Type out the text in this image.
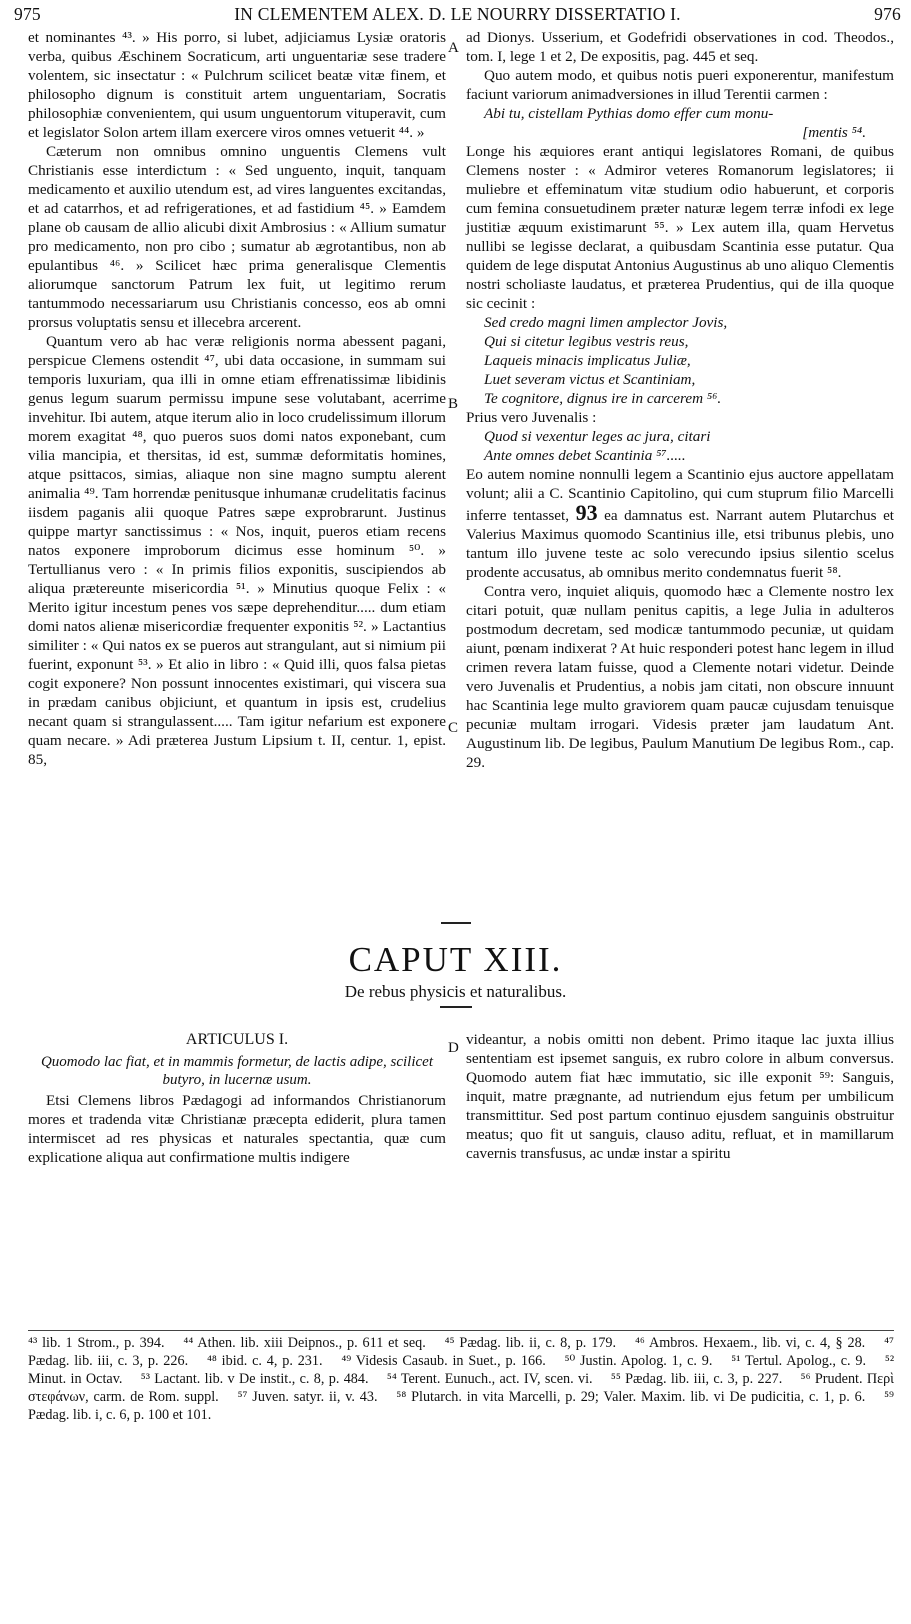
975	IN CLEMENTEM ALEX. D. LE NOURRY DISSERTATIO I.	976
A
B
C
D

et nominantes ⁴³. » His porro, si lubet, adjiciamus Lysiæ oratoris verba, quibus Æschinem Socraticum, arti unguentariæ sese tradere volentem, sic insectatur : « Pulchrum scilicet beatæ vitæ finem, et philosopho dignum is constituit artem unguentariam, Socratis philosophiæ convenientem, qui usum unguentorum vituperavit, cum et legislator Solon artem illam exercere viros omnes vetuerit ⁴⁴. »

Cæterum non omnibus omnino unguentis Clemens vult Christianis esse interdictum : « Sed unguento, inquit, tanquam medicamento et auxilio utendum est, ad vires languentes excitandas, et ad catarrhos, et ad refrigerationes, et ad fastidium ⁴⁵. » Eamdem plane ob causam de allio alicubi dixit Ambrosius : « Allium sumatur pro medicamento, non pro cibo ; sumatur ab ægrotantibus, non ab epulantibus ⁴⁶. » Scilicet hæc prima generalisque Clementis aliorumque sanctorum Patrum lex fuit, ut legitimo rerum tantummodo necessariarum usu Christianis concesso, eos ab omni prorsus voluptatis sensu et illecebra arcerent.

Quantum vero ab hac veræ religionis norma abessent pagani, perspicue Clemens ostendit ⁴⁷, ubi data occasione, in summam sui temporis luxuriam, qua illi in omne etiam effrenatissimæ libidinis genus legum suarum permissu impune sese volutabant, acerrime invehitur. Ibi autem, atque iterum alio in loco crudelissimum illorum morem exagitat ⁴⁸, quo pueros suos domi natos exponebant, cum vilia mancipia, et thersitas, id est, summæ deformitatis homines, atque psittacos, simias, aliaque non sine magno sumptu alerent animalia ⁴⁹. Tam horrendæ penitusque inhumanæ crudelitatis facinus iisdem paganis alii quoque Patres sæpe exprobrarunt. Justinus quippe martyr sanctissimus : « Nos, inquit, pueros etiam recens natos exponere improborum dicimus esse hominum ⁵⁰. » Tertullianus vero : « In primis filios exponitis, suscipiendos ab aliqua prætereunte misericordia ⁵¹. » Minutius quoque Felix : « Merito igitur incestum penes vos sæpe deprehenditur..... dum etiam domi natos alienæ misericordiæ frequenter exponitis ⁵². » Lactantius similiter : « Qui natos ex se pueros aut strangulant, aut si nimium pii fuerint, exponunt ⁵³. » Et alio in libro : « Quid illi, quos falsa pietas cogit exponere? Non possunt innocentes existimari, qui viscera sua in prædam canibus objiciunt, et quantum in ipsis est, crudelius necant quam si strangulassent..... Tam igitur nefarium est exponere quam necare. » Adi præterea Justum Lipsium t. II, centur. 1, epist. 85,

ad Dionys. Usserium, et Godefridi observationes in cod. Theodos., tom. I, lege 1 et 2, De expositis, pag. 445 et seq.

Quo autem modo, et quibus notis pueri exponerentur, manifestum faciunt variorum animadversiones in illud Terentii carmen :

Abi tu, cistellam Pythias domo effer cum monu-
[mentis ⁵⁴.

Longe his æquiores erant antiqui legislatores Romani, de quibus Clemens noster : « Admiror veteres Romanorum legislatores; ii muliebre et effeminatum vitæ studium odio habuerunt, et corporis cum femina consuetudinem præter naturæ legem terræ infodi ex lege justitiæ æquum existimarunt ⁵⁵. » Lex autem illa, quam Hervetus nullibi se legisse declarat, a quibusdam Scantinia esse putatur. Qua quidem de lege disputat Antonius Augustinus ab uno aliquo Clementis nostri scholiaste laudatus, et præterea Prudentius, qui de illa quoque sic cecinit :

Sed credo magni limen amplector Jovis,
Qui si citetur legibus vestris reus,
Laqueis minacis implicatus Juliæ,
Luet severam victus et Scantiniam,
Te cognitore, dignus ire in carcerem ⁵⁶.

Prius vero Juvenalis :

Quod si vexentur leges ac jura, citari
Ante omnes debet Scantinia ⁵⁷.....

Eo autem nomine nonnulli legem a Scantinio ejus auctore appellatam volunt; alii a C. Scantinio Capitolino, qui cum stuprum filio Marcelli inferre tentasset, 93 ea damnatus est. Narrant autem Plutarchus et Valerius Maximus quomodo Scantinius ille, etsi tribunus plebis, uno tantum illo juvene teste ac solo verecundo ipsius silentio scelus prodente accusatus, ab omnibus merito condemnatus fuerit ⁵⁸.

Contra vero, inquiet aliquis, quomodo hæc a Clemente nostro lex citari potuit, quæ nullam penitus capitis, a lege Julia in adulteros postmodum decretam, sed modicæ tantummodo pecuniæ, ut quidam aiunt, pœnam indixerat ? At huic responderi potest hanc legem in illud crimen revera latam fuisse, quod a Clemente notari videtur. Deinde vero Juvenalis et Prudentius, a nobis jam citati, non obscure innuunt hac Scantinia lege multo graviorem quam paucæ cujusdam tenuisque pecuniæ multam irrogari. Videsis præter jam laudatum Ant. Augustinum lib. De legibus, Paulum Manutium De legibus Rom., cap. 29.

CAPUT XIII.
De rebus physicis et naturalibus.
ARTICULUS I.
Quomodo lac fiat, et in mammis formetur, de lactis adipe, scilicet butyro, in lucernæ usum.

Etsi Clemens libros Pædagogi ad informandos Christianorum mores et tradenda vitæ Christianæ præcepta ediderit, plura tamen intermiscet ad res physicas et naturales spectantia, quæ cum explicatione aliqua aut confirmatione multis indigere

videantur, a nobis omitti non debent. Primo itaque lac juxta illius sententiam est ipsemet sanguis, ex rubro colore in album conversus. Quomodo autem fiat hæc immutatio, sic ille exponit ⁵⁹: Sanguis, inquit, matre prægnante, ad nutriendum ejus fetum per umbilicum transmittitur. Sed post partum continuo ejusdem sanguinis obstruitur meatus; quo fit ut sanguis, clauso aditu, refluat, et in mamillarum cavernis transfusus, ac undæ instar a spiritu

⁴³ lib. 1 Strom., p. 394. ⁴⁴ Athen. lib. xiii Deipnos., p. 611 et seq. ⁴⁵ Pædag. lib. ii, c. 8, p. 179. ⁴⁶ Ambros. Hexaem., lib. vi, c. 4, § 28. ⁴⁷ Pædag. lib. iii, c. 3, p. 226. ⁴⁸ ibid. c. 4, p. 231. ⁴⁹ Videsis Casaub. in Suet., p. 166. ⁵⁰ Justin. Apolog. 1, c. 9. ⁵¹ Tertul. Apolog., c. 9. ⁵² Minut. in Octav. ⁵³ Lactant. lib. v De instit., c. 8, p. 484. ⁵⁴ Terent. Eunuch., act. IV, scen. vi. ⁵⁵ Pædag. lib. iii, c. 3, p. 227. ⁵⁶ Prudent. Περὶ στεφάνων, carm. de Rom. suppl. ⁵⁷ Juven. satyr. ii, v. 43. ⁵⁸ Plutarch. in vita Marcelli, p. 29; Valer. Maxim. lib. vi De pudicitia, c. 1, p. 6. ⁵⁹ Pædag. lib. i, c. 6, p. 100 et 101.
